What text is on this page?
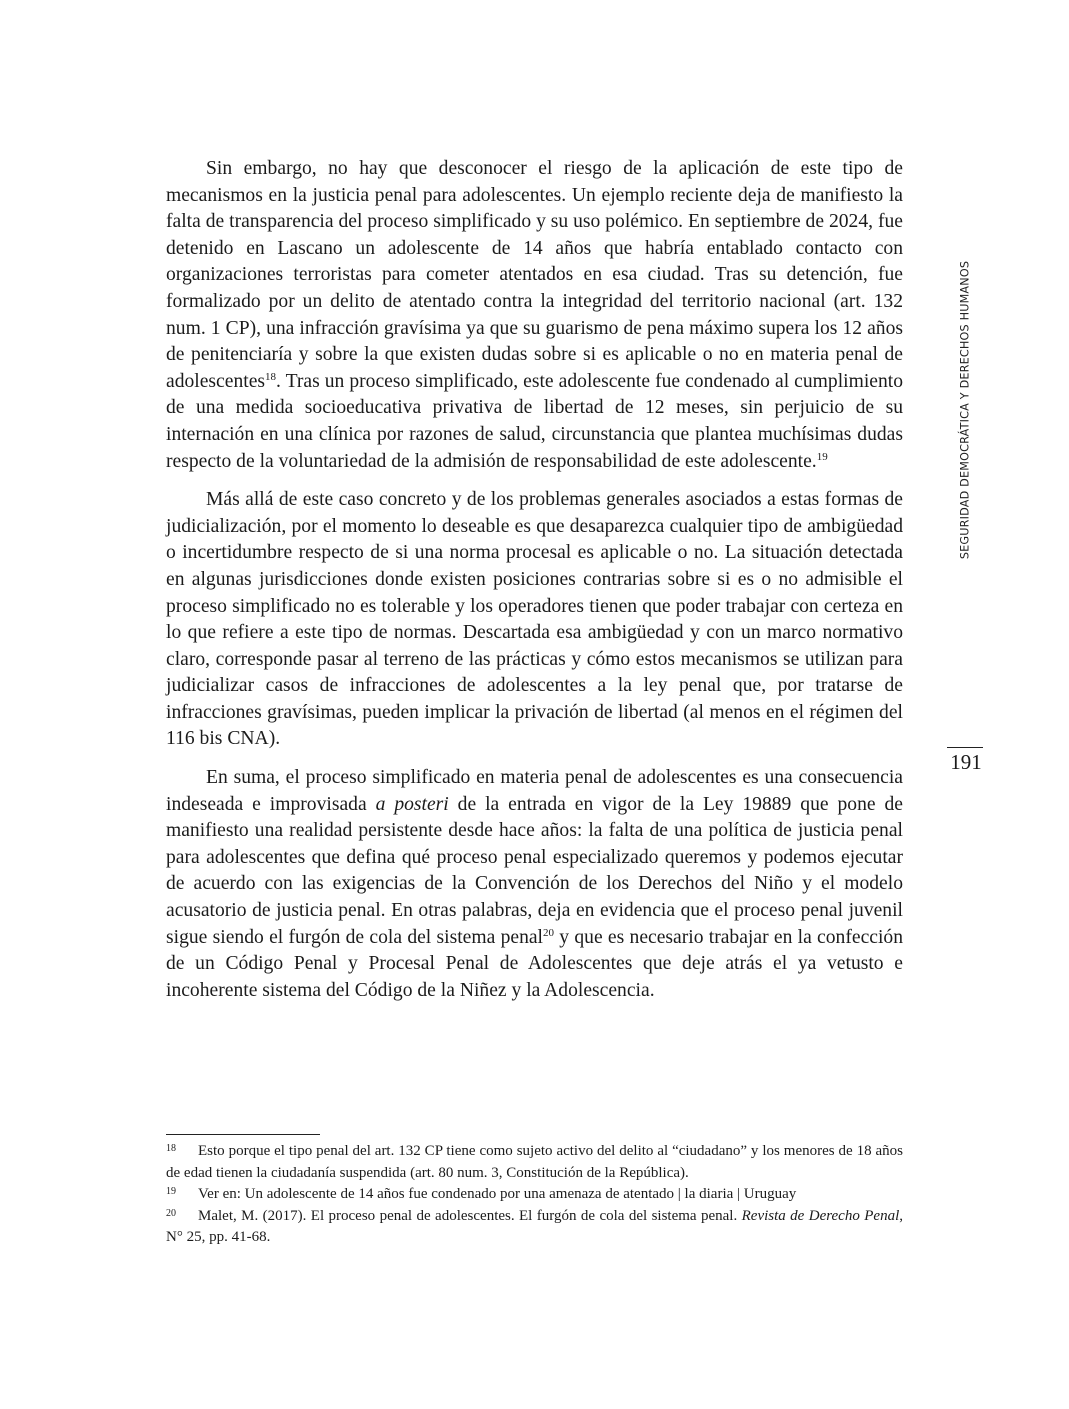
Sin embargo, no hay que desconocer el riesgo de la aplicación de este tipo de mecanismos en la justicia penal para adolescentes. Un ejemplo reciente deja de manifiesto la falta de transparencia del proceso simplificado y su uso polémico. En septiembre de 2024, fue detenido en Lascano un adolescente de 14 años que habría entablado contacto con organizaciones terroristas para cometer atentados en esa ciudad. Tras su detención, fue formalizado por un delito de atentado contra la integridad del territorio nacional (art. 132 num. 1 CP), una infracción gravísima ya que su guarismo de pena máximo supera los 12 años de penitenciaría y sobre la que existen dudas sobre si es aplicable o no en materia penal de adolescentes$^{18}$. Tras un proceso simplificado, este adolescente fue condenado al cumplimiento de una medida socioeducativa privativa de libertad de 12 meses, sin perjuicio de su internación en una clínica por razones de salud, circunstancia que plantea muchísimas dudas respecto de la voluntariedad de la admisión de responsabilidad de este adolescente.$^{19}$

Más allá de este caso concreto y de los problemas generales asociados a estas formas de judicialización, por el momento lo deseable es que desaparezca cualquier tipo de ambigüedad o incertidumbre respecto de si una norma procesal es aplicable o no. La situación detectada en algunas jurisdicciones donde existen posiciones contrarias sobre si es o no admisible el proceso simplificado no es tolerable y los operadores tienen que poder trabajar con certeza en lo que refiere a este tipo de normas. Descartada esa ambigüedad y con un marco normativo claro, corresponde pasar al terreno de las prácticas y cómo estos mecanismos se utilizan para judicializar casos de infracciones de adolescentes a la ley penal que, por tratarse de infracciones gravísimas, pueden implicar la privación de libertad (al menos en el régimen del 116 bis CNA).

En suma, el proceso simplificado en materia penal de adolescentes es una consecuencia indeseada e improvisada a posteri de la entrada en vigor de la Ley 19889 que pone de manifiesto una realidad persistente desde hace años: la falta de una política de justicia penal para adolescentes que defina qué proceso penal especializado queremos y podemos ejecutar de acuerdo con las exigencias de la Convención de los Derechos del Niño y el modelo acusatorio de justicia penal. En otras palabras, deja en evidencia que el proceso penal juvenil sigue siendo el furgón de cola del sistema penal$^{20}$ y que es necesario trabajar en la confección de un Código Penal y Procesal Penal de Adolescentes que deje atrás el ya vetusto e incoherente sistema del Código de la Niñez y la Adolescencia.

SEGURIDAD DEMOCRÁTICA Y DERECHOS HUMANOS
191

18 Esto porque el tipo penal del art. 132 CP tiene como sujeto activo del delito al “ciudadano” y los menores de 18 años de edad tienen la ciudadanía suspendida (art. 80 num. 3, Constitución de la República).

19 Ver en: Un adolescente de 14 años fue condenado por una amenaza de atentado | la diaria | Uruguay

20 Malet, M. (2017). El proceso penal de adolescentes. El furgón de cola del sistema penal. Revista de Derecho Penal, N° 25, pp. 41-68.
